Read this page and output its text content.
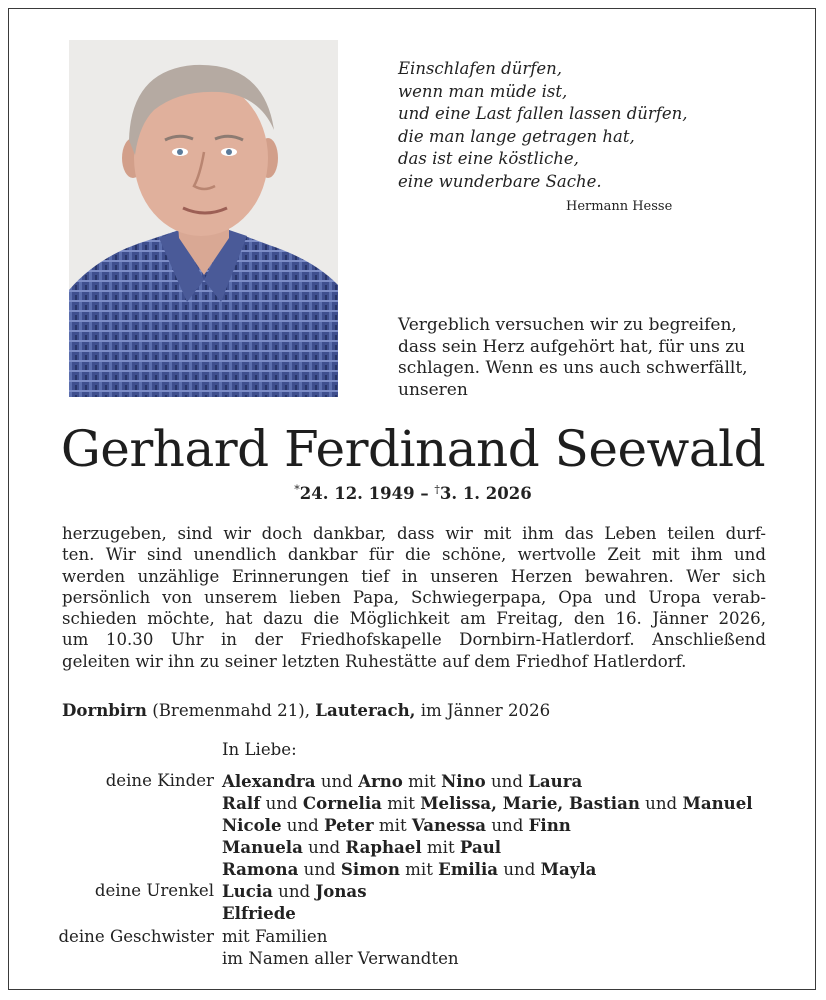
Einschlafen dürfen,
wenn man müde ist,
und eine Last fallen lassen dürfen,
die man lange getragen hat,
das ist eine köstliche,
eine wunderbare Sache.
Hermann Hesse
Vergeblich versuchen wir zu begreifen,
dass sein Herz aufgehört hat, für uns zu
schlagen. Wenn es uns auch schwerfällt,
unseren
Gerhard Ferdinand Seewald
*24. 12. 1949 – †3. 1. 2026
herzugeben, sind wir doch dankbar, dass wir mit ihm das Leben teilen durf-
ten. Wir sind unendlich dankbar für die schöne, wertvolle Zeit mit ihm und
werden unzählige Erinnerungen tief in unseren Herzen bewahren. Wer sich
persönlich von unserem lieben Papa, Schwiegerpapa, Opa und Uropa verab-
schieden möchte, hat dazu die Möglichkeit am Freitag, den 16. Jänner 2026,
um 10.30 Uhr in der Friedhofskapelle Dornbirn-Hatlerdorf. Anschließend
geleiten wir ihn zu seiner letzten Ruhestätte auf dem Friedhof Hatlerdorf.
Dornbirn (Bremenmahd 21), Lauterach, im Jänner 2026
In Liebe:
deine Kinder
deine Urenkel
deine Geschwister
Alexandra und Arno mit Nino und Laura
Ralf und Cornelia mit Melissa, Marie, Bastian und Manuel
Nicole und Peter mit Vanessa und Finn
Manuela und Raphael mit Paul
Ramona und Simon mit Emilia und Mayla
Lucia und Jonas
Elfriede
mit Familien
im Namen aller Verwandten
